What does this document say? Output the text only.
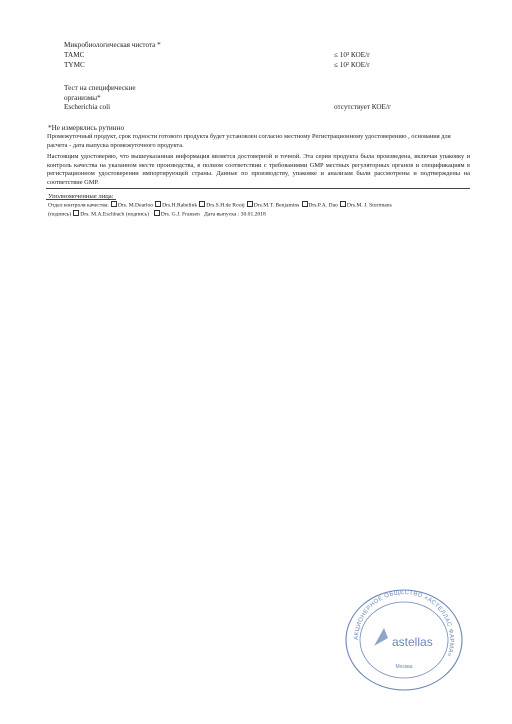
Микробиологическая чистота *
ТАМС	≤ 10³ КОЕ/г
ТYMC	≤ 10² КОЕ/г
Тест на специфические
организмы*
Escherichia coli	отсутствует КОЕ/г
*Не измерялись рутинно
Промежуточный продукт, срок годности готового продукта будет установлен согласно местному Регистрационному удостоверению , основания для расчета - дата выпуска промежуточного продукта.
Настоящим удостоверяю, что вышеуказанная информация является достоверной и точной. Эта серия продукта была произведена, включая упаковку и контроль качества на указанном месте производства, в полном соответствии с требованиями GMP местных регуляторных органов и спецификациям в регистрационном удостоверении импортирующей страны. Данные по производству, упаковке и анализам были рассмотрены и подтверждены на соответствие GMP.
Уполномоченные лица:
Отдел контроля качества: Drs. M.Dearloo Drs.H.Rabelink Drs.S.H.de Rooij Drs.M.T. Benjamins Drs.P.A. Dao Drs.M. J. Storimans
(подпись) Drs. M.A.Eschbach (подпись) Drs. G.J. Fransen Дата выпуска : 30.01.2018
АКЦИОНЕРНОЕ ОБЩЕСТВО «АСТЕЛЛАС ФАРМА»
astellas
Москва
